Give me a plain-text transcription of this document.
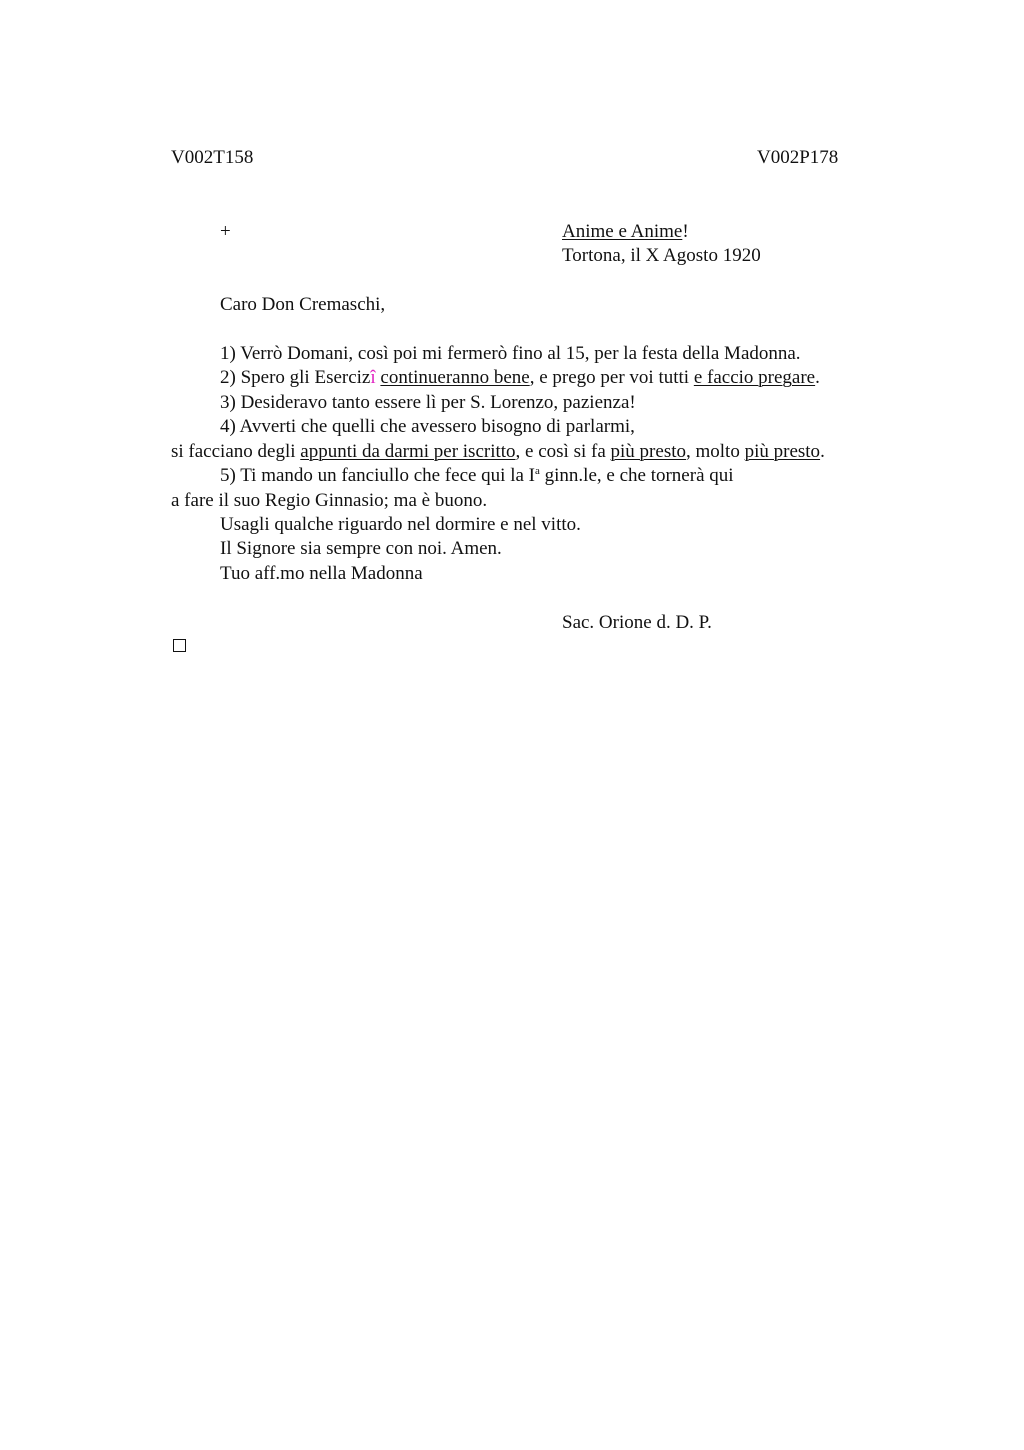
V002T158	V002P178
+	Anime e Anime!
Tortona, il X Agosto 1920
Caro Don Cremaschi,
1) Verrò Domani, così poi mi fermerò fino al 15, per la festa della Madonna.
2) Spero gli Esercizî continueranno bene, e prego per voi tutti e faccio pregare.
3) Desideravo tanto essere lì per S. Lorenzo, pazienza!
4) Avverti che quelli che avessero bisogno di parlarmi,
si facciano degli appunti da darmi per iscritto, e così si fa più presto, molto più presto.
5) Ti mando un fanciullo che fece qui la $I^a$ ginn.le, e che tornerà qui
a fare il suo Regio Ginnasio; ma è buono.
Usagli qualche riguardo nel dormire e nel vitto.
Il Signore sia sempre con noi. Amen.
Tuo aff.mo nella Madonna
Sac. Orione d. D. P.
